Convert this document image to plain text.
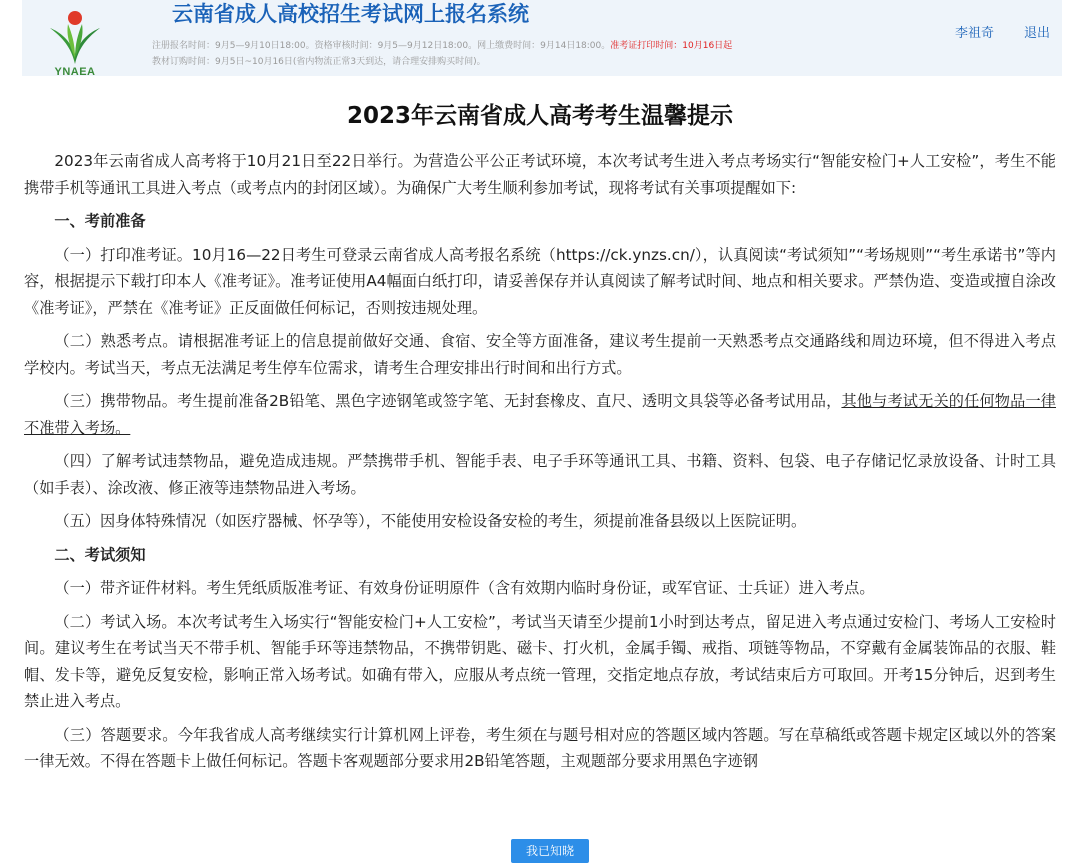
YNAEA
云南省成人高校招生考试网上报名系统
注册报名时间：9月5—9月10日18:00。资格审核时间：9月5—9月12日18:00。网上缴费时间：9月14日18:00。准考证打印时间：10月16日起
教材订购时间：9月5日~10月16日(省内物流正常3天到达，请合理安排购买时间)。
李祖奇 退出
2023年云南省成人高考考生温馨提示

2023年云南省成人高考将于10月21日至22日举行。为营造公平公正考试环境，本次考试考生进入考点考场实行“智能安检门+人工安检”，考生不能携带手机等通讯工具进入考点（或考点内的封闭区域）。为确保广大考生顺利参加考试，现将考试有关事项提醒如下:

一、考前准备

（一）打印准考证。10月16—22日考生可登录云南省成人高考报名系统（https://ck.ynzs.cn/），认真阅读“考试须知”“考场规则”“考生承诺书”等内容，根据提示下载打印本人《准考证》。准考证使用A4幅面白纸打印，请妥善保存并认真阅读了解考试时间、地点和相关要求。严禁伪造、变造或擅自涂改《准考证》，严禁在《准考证》正反面做任何标记，否则按违规处理。

（二）熟悉考点。请根据准考证上的信息提前做好交通、食宿、安全等方面准备，建议考生提前一天熟悉考点交通路线和周边环境，但不得进入考点学校内。考试当天，考点无法满足考生停车位需求，请考生合理安排出行时间和出行方式。

（三）携带物品。考生提前准备2B铅笔、黑色字迹钢笔或签字笔、无封套橡皮、直尺、透明文具袋等必备考试用品，其他与考试无关的任何物品一律不准带入考场。

（四）了解考试违禁物品，避免造成违规。严禁携带手机、智能手表、电子手环等通讯工具、书籍、资料、包袋、电子存储记忆录放设备、计时工具（如手表）、涂改液、修正液等违禁物品进入考场。

（五）因身体特殊情况（如医疗器械、怀孕等），不能使用安检设备安检的考生，须提前准备县级以上医院证明。

二、考试须知

（一）带齐证件材料。考生凭纸质版准考证、有效身份证明原件（含有效期内临时身份证，或军官证、士兵证）进入考点。

（二）考试入场。本次考试考生入场实行“智能安检门+人工安检”，考试当天请至少提前1小时到达考点，留足进入考点通过安检门、考场人工安检时间。建议考生在考试当天不带手机、智能手环等违禁物品，不携带钥匙、磁卡、打火机，金属手镯、戒指、项链等物品，不穿戴有金属装饰品的衣服、鞋帽、发卡等，避免反复安检，影响正常入场考试。如确有带入，应服从考点统一管理，交指定地点存放，考试结束后方可取回。开考15分钟后，迟到考生禁止进入考点。

（三）答题要求。今年我省成人高考继续实行计算机网上评卷，考生须在与题号相对应的答题区域内答题。写在草稿纸或答题卡规定区域以外的答案一律无效。不得在答题卡上做任何标记。答题卡客观题部分要求用2B铅笔答题，主观题部分要求用黑色字迹钢

我已知晓
